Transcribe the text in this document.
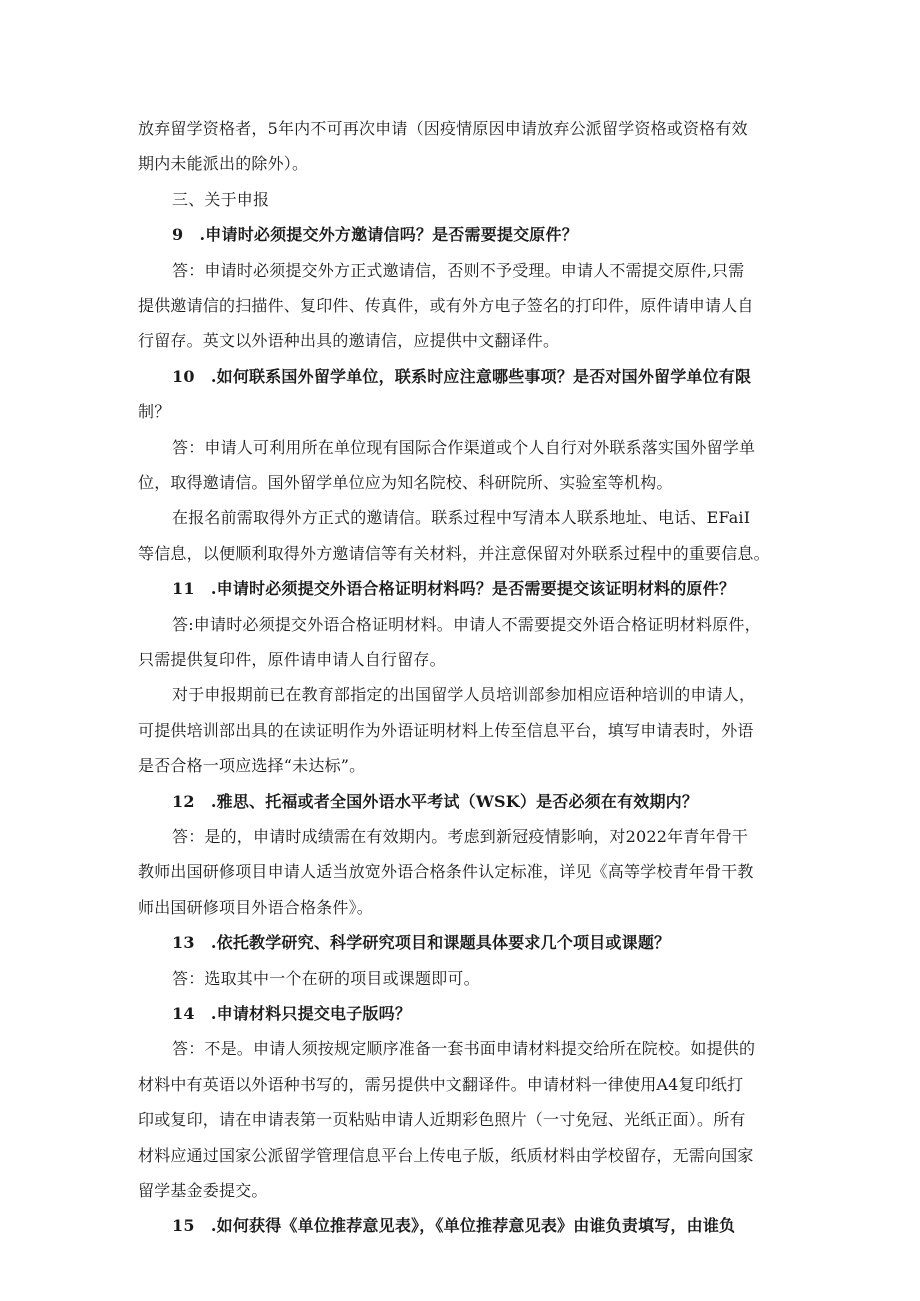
放弃留学资格者，5年内不可再次申请（因疫情原因申请放弃公派留学资格或资格有效
期内未能派出的除外）。
三、关于申报
9　.申请时必须提交外方邀请信吗？是否需要提交原件？
答：申请时必须提交外方正式邀请信，否则不予受理。申请人不需提交原件,只需
提供邀请信的扫描件、复印件、传真件，或有外方电子签名的打印件，原件请申请人自
行留存。英文以外语种出具的邀请信，应提供中文翻译件。
10　.如何联系国外留学单位，联系时应注意哪些事项？是否对国外留学单位有限
制？
答：申请人可利用所在单位现有国际合作渠道或个人自行对外联系落实国外留学单
位，取得邀请信。国外留学单位应为知名院校、科研院所、实验室等机构。
在报名前需取得外方正式的邀请信。联系过程中写清本人联系地址、电话、EFaiI
等信息，以便顺利取得外方邀请信等有关材料，并注意保留对外联系过程中的重要信息。
11　.申请时必须提交外语合格证明材料吗？是否需要提交该证明材料的原件？
答:申请时必须提交外语合格证明材料。申请人不需要提交外语合格证明材料原件，
只需提供复印件，原件请申请人自行留存。
对于申报期前已在教育部指定的出国留学人员培训部参加相应语种培训的申请人，
可提供培训部出具的在读证明作为外语证明材料上传至信息平台，填写申请表时，外语
是否合格一项应选择“未达标”。
12　.雅思、托福或者全国外语水平考试（WSK）是否必须在有效期内？
答：是的，申请时成绩需在有效期内。考虑到新冠疫情影响，对2022年青年骨干
教师出国研修项目申请人适当放宽外语合格条件认定标准，详见《高等学校青年骨干教
师出国研修项目外语合格条件》。
13　.依托教学研究、科学研究项目和课题具体要求几个项目或课题？
答：选取其中一个在研的项目或课题即可。
14　.申请材料只提交电子版吗？
答：不是。申请人须按规定顺序准备一套书面申请材料提交给所在院校。如提供的
材料中有英语以外语种书写的，需另提供中文翻译件。申请材料一律使用A4复印纸打
印或复印，请在申请表第一页粘贴申请人近期彩色照片（一寸免冠、光纸正面）。所有
材料应通过国家公派留学管理信息平台上传电子版，纸质材料由学校留存，无需向国家
留学基金委提交。
15　.如何获得《单位推荐意见表》，《单位推荐意见表》由谁负责填写，由谁负
